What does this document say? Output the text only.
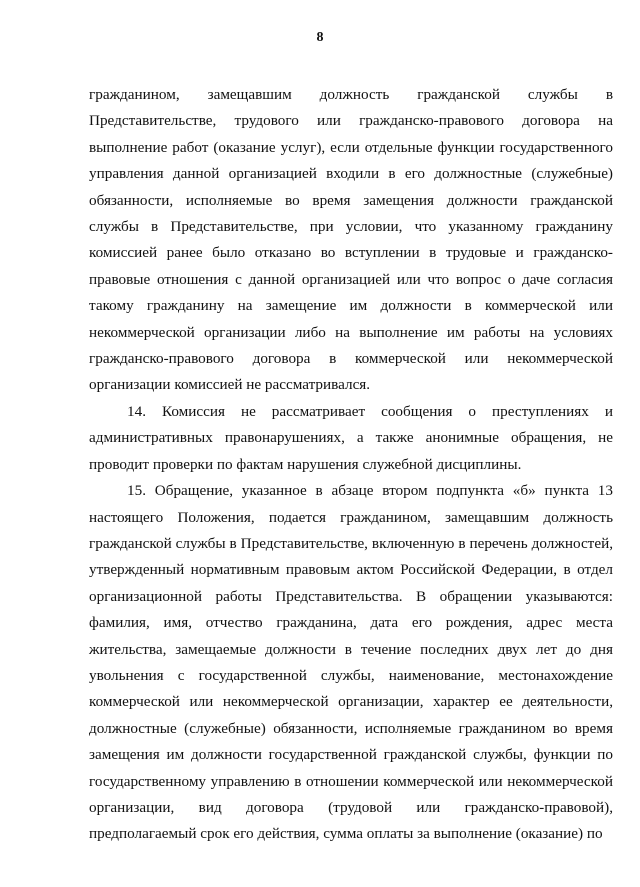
8

гражданином, замещавшим должность гражданской службы в Представительстве, трудового или гражданско-правового договора на выполнение работ (оказание услуг), если отдельные функции государственного управления данной организацией входили в его должностные (служебные) обязанности, исполняемые во время замещения должности гражданской службы в Представительстве, при условии, что указанному гражданину комиссией ранее было отказано во вступлении в трудовые и гражданско-правовые отношения с данной организацией или что вопрос о даче согласия такому гражданину на замещение им должности в коммерческой или некоммерческой организации либо на выполнение им работы на условиях гражданско-правового договора в коммерческой или некоммерческой организации комиссией не рассматривался.

14. Комиссия не рассматривает сообщения о преступлениях и административных правонарушениях, а также анонимные обращения, не проводит проверки по фактам нарушения служебной дисциплины.

15. Обращение, указанное в абзаце втором подпункта «б» пункта 13 настоящего Положения, подается гражданином, замещавшим должность гражданской службы в Представительстве, включенную в перечень должностей, утвержденный нормативным правовым актом Российской Федерации, в отдел организационной работы Представительства. В обращении указываются: фамилия, имя, отчество гражданина, дата его рождения, адрес места жительства, замещаемые должности в течение последних двух лет до дня увольнения с государственной службы, наименование, местонахождение коммерческой или некоммерческой организации, характер ее деятельности, должностные (служебные) обязанности, исполняемые гражданином во время замещения им должности государственной гражданской службы, функции по государственному управлению в отношении коммерческой или некоммерческой организации, вид договора (трудовой или гражданско-правовой), предполагаемый срок его действия, сумма оплаты за выполнение (оказание) по
